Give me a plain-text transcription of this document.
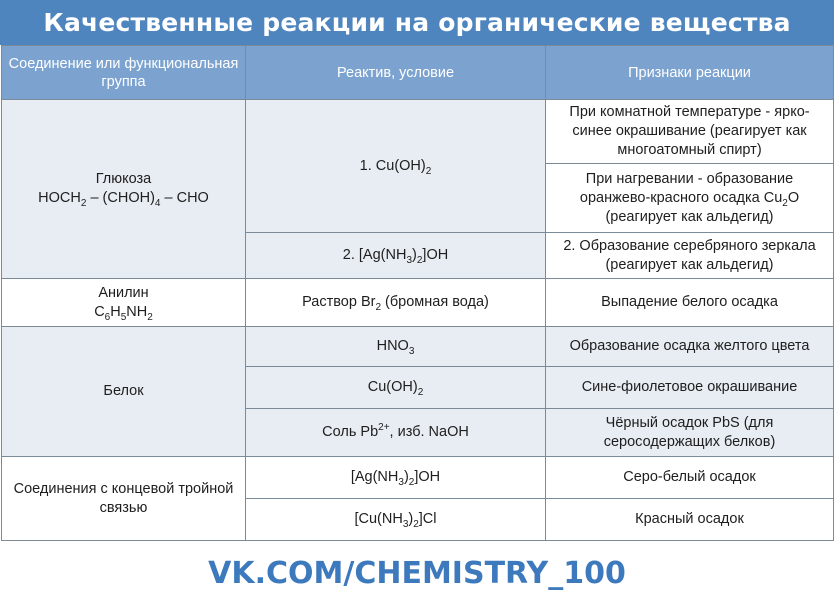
Качественные реакции на органические вещества
Соединение или функциональная группа	Реактив, условие	Признаки реакции

Глюкоза
$HOCH_2$ – $(CHOH)_4$ – CHO	1. $Cu(OH)_2$	При комнатной температуре - ярко-синее окрашивание (реагирует как многоатомный спирт)
		При нагревании - образование оранжево-красного осадка $Cu_2O$ (реагирует как альдегид)
	2. $[Ag(NH_3)_2]OH$	2. Образование серебряного зеркала (реагирует как альдегид)

Анилин
$C_6H_5NH_2$	Раствор $Br_2$ (бромная вода)	Выпадение белого осадка
Белок	$HNO_3$	Образование осадка желтого цвета
	$Cu(OH)_2$	Сине-фиолетовое окрашивание
	Соль $Pb^{2+}$, изб. NaOH	Чёрный осадок PbS (для серосодержащих белков)
Соединения с концевой тройной связью	$[Ag(NH_3)_2]OH$	Серо-белый осадок
	$[Cu(NH_3)_2]Cl$	Красный осадок
VK.COM/CHEMISTRY_100
